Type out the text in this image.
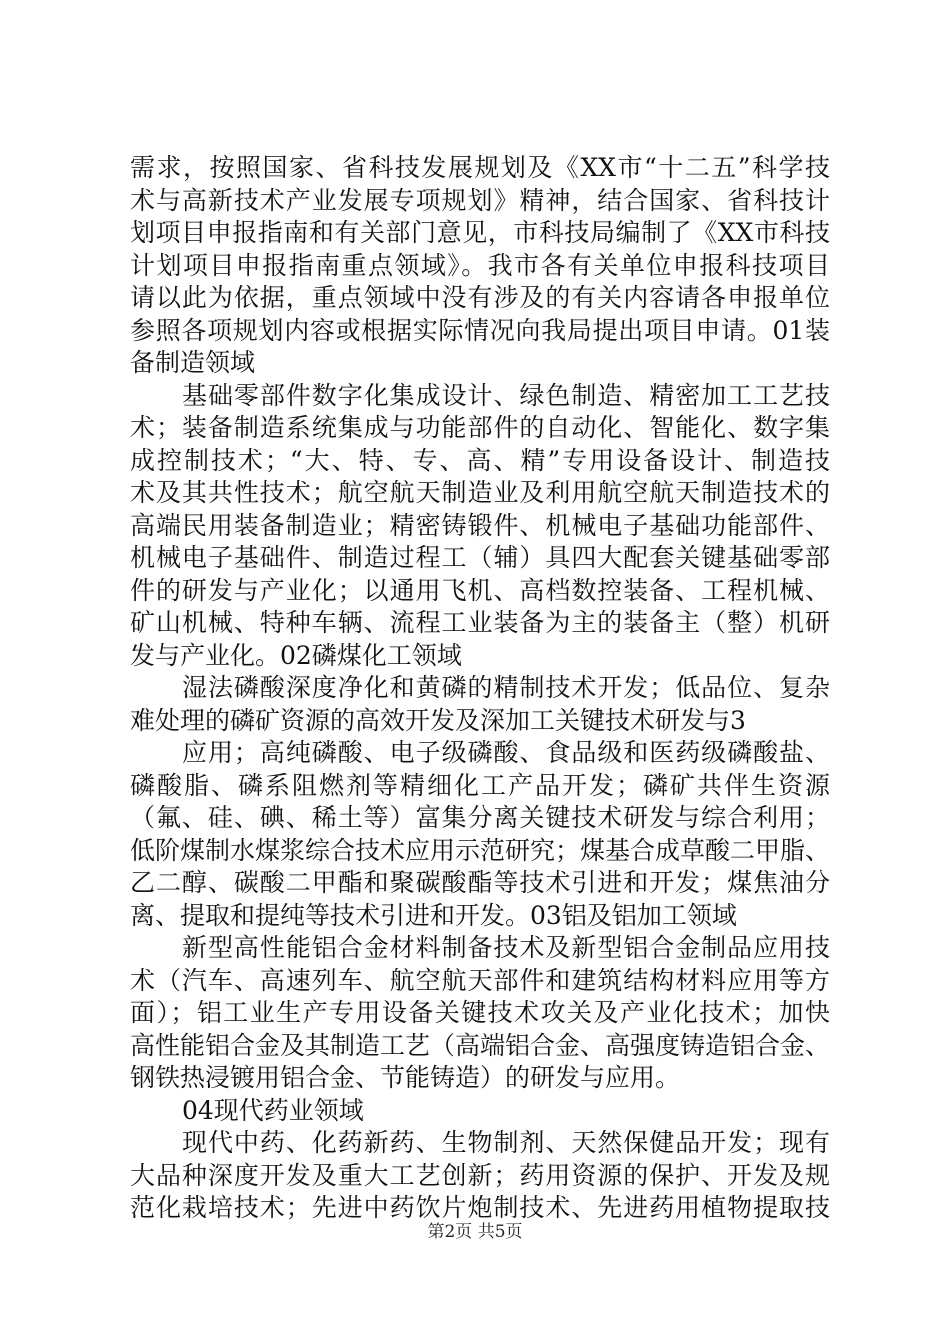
需求，按照国家、省科技发展规划及《XX市“十二五”科学技
术与高新技术产业发展专项规划》精神，结合国家、省科技计
划项目申报指南和有关部门意见，市科技局编制了《XX市科技
计划项目申报指南重点领域》。我市各有关单位申报科技项目
请以此为依据，重点领域中没有涉及的有关内容请各申报单位
参照各项规划内容或根据实际情况向我局提出项目申请。01装
备制造领域
基础零部件数字化集成设计、绿色制造、精密加工工艺技
术；装备制造系统集成与功能部件的自动化、智能化、数字集
成控制技术；“大、特、专、高、精”专用设备设计、制造技
术及其共性技术；航空航天制造业及利用航空航天制造技术的
高端民用装备制造业；精密铸锻件、机械电子基础功能部件、
机械电子基础件、制造过程工（辅）具四大配套关键基础零部
件的研发与产业化；以通用飞机、高档数控装备、工程机械、
矿山机械、特种车辆、流程工业装备为主的装备主（整）机研
发与产业化。02磷煤化工领域
湿法磷酸深度净化和黄磷的精制技术开发；低品位、复杂
难处理的磷矿资源的高效开发及深加工关键技术研发与3
应用；高纯磷酸、电子级磷酸、食品级和医药级磷酸盐、
磷酸脂、磷系阻燃剂等精细化工产品开发；磷矿共伴生资源
（氟、硅、碘、稀土等）富集分离关键技术研发与综合利用；
低阶煤制水煤浆综合技术应用示范研究；煤基合成草酸二甲脂、
乙二醇、碳酸二甲酯和聚碳酸酯等技术引进和开发；煤焦油分
离、提取和提纯等技术引进和开发。03铝及铝加工领域
新型高性能铝合金材料制备技术及新型铝合金制品应用技
术（汽车、高速列车、航空航天部件和建筑结构材料应用等方
面）；铝工业生产专用设备关键技术攻关及产业化技术；加快
高性能铝合金及其制造工艺（高端铝合金、高强度铸造铝合金、
钢铁热浸镀用铝合金、节能铸造）的研发与应用。
04现代药业领域
现代中药、化药新药、生物制剂、天然保健品开发；现有
大品种深度开发及重大工艺创新；药用资源的保护、开发及规
范化栽培技术；先进中药饮片炮制技术、先进药用植物提取技
第2页 共5页
